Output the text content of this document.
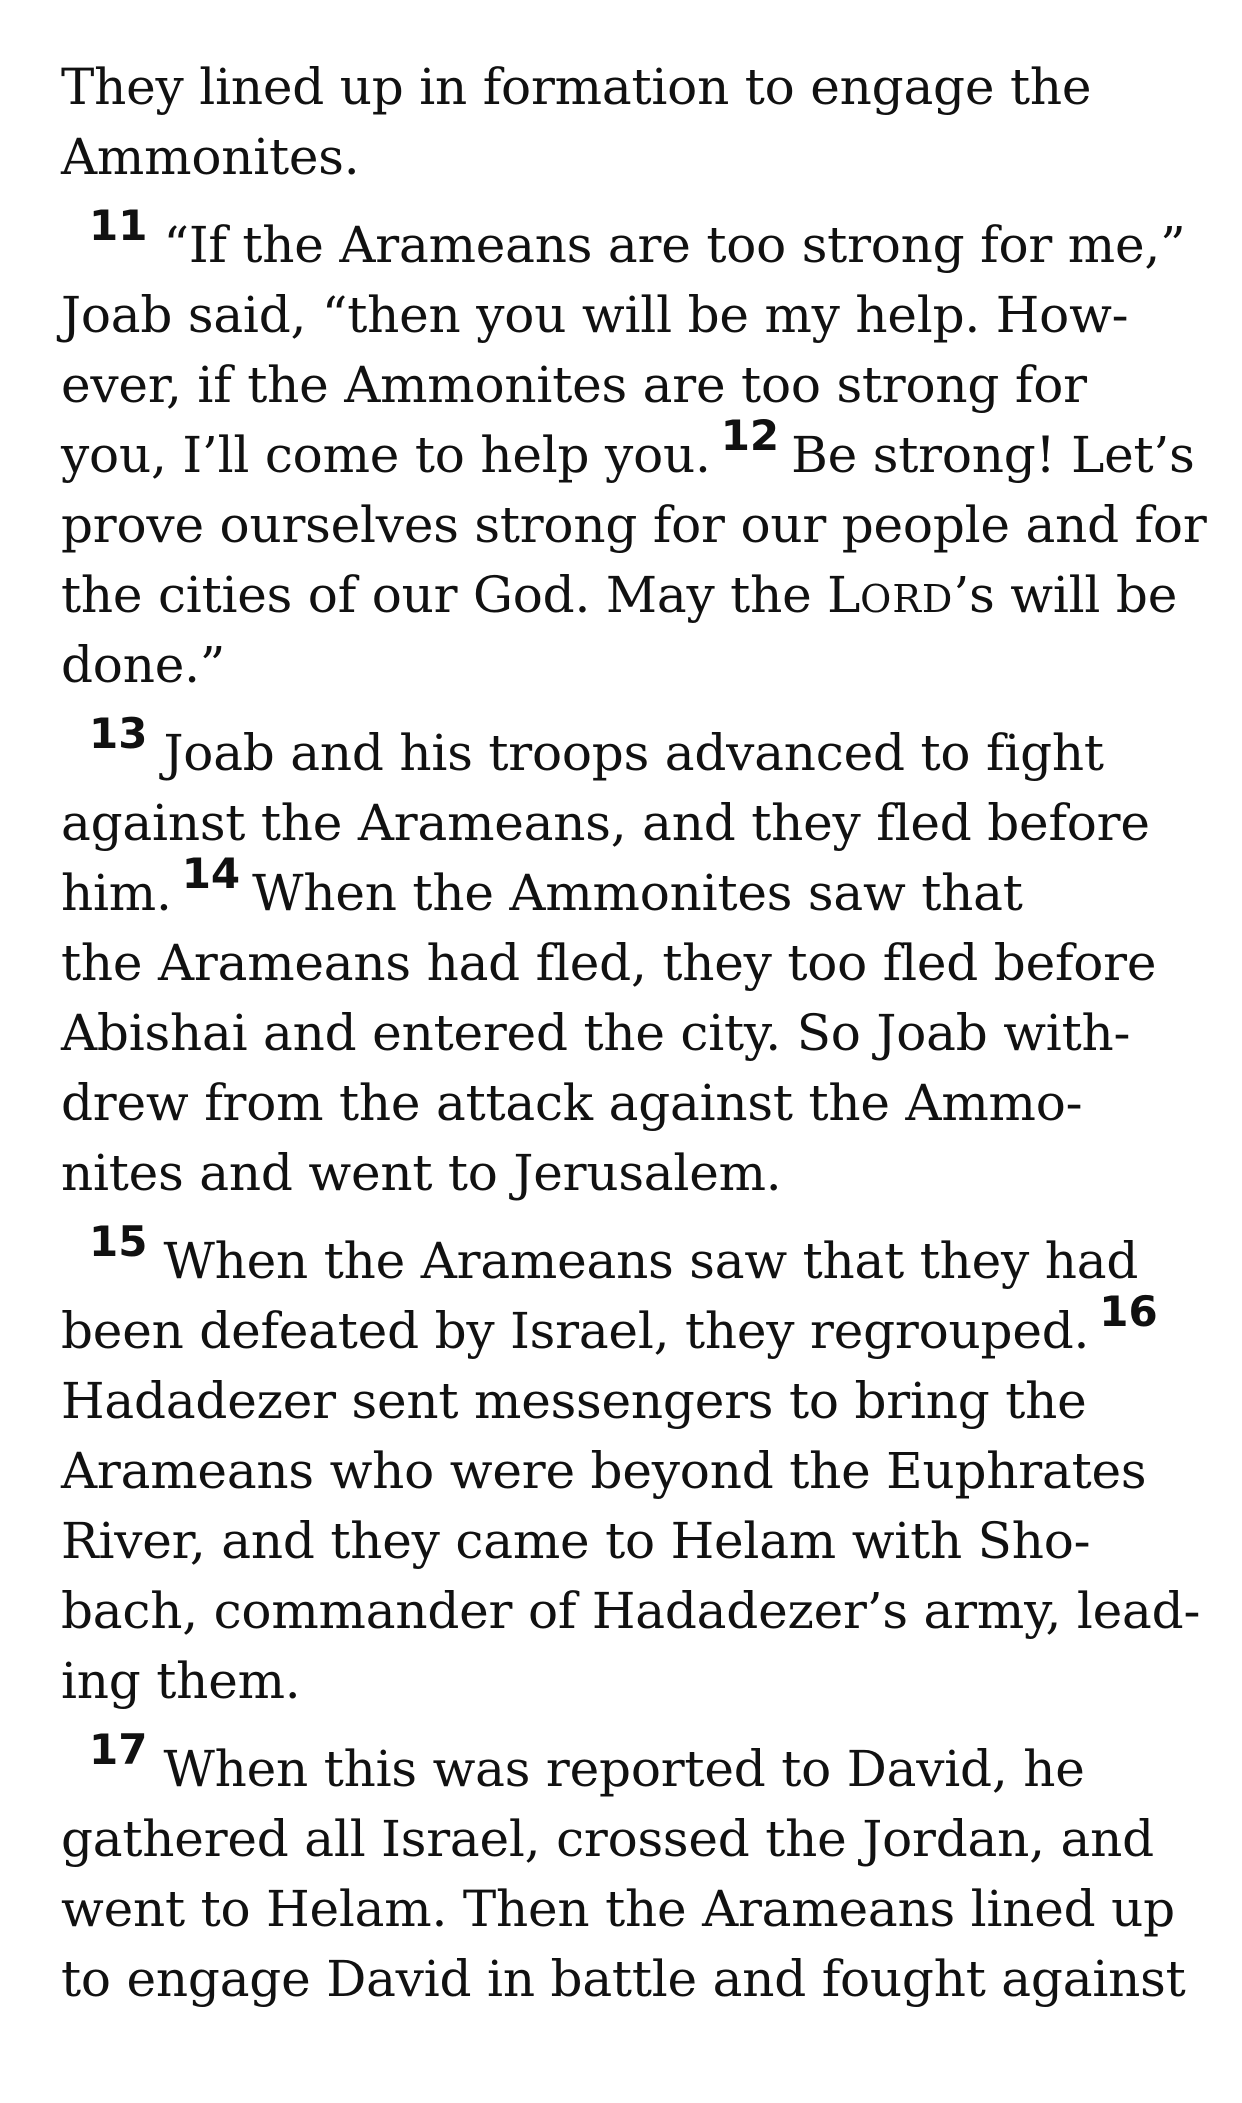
They lined up in formation to engage the
Ammonites.
$^{11}$ “If the Arameans are too strong for me,”
Joab said, “then you will be my help. How-
ever, if the Ammonites are too strong for
you, I’ll come to help you. $^{12}$ Be strong! Let’s
prove ourselves strong for our people and for
the cities of our God. May the LORD’s will be
done.”
$^{13}$ Joab and his troops advanced to fight
against the Arameans, and they fled before
him. $^{14}$ When the Ammonites saw that
the Arameans had fled, they too fled before
Abishai and entered the city. So Joab with-
drew from the attack against the Ammo-
nites and went to Jerusalem.
$^{15}$ When the Arameans saw that they had
been defeated by Israel, they regrouped. $^{16}$
Hadadezer sent messengers to bring the
Arameans who were beyond the Euphrates
River, and they came to Helam with Sho-
bach, commander of Hadadezer’s army, lead-
ing them.
$^{17}$ When this was reported to David, he
gathered all Israel, crossed the Jordan, and
went to Helam. Then the Arameans lined up
to engage David in battle and fought against
